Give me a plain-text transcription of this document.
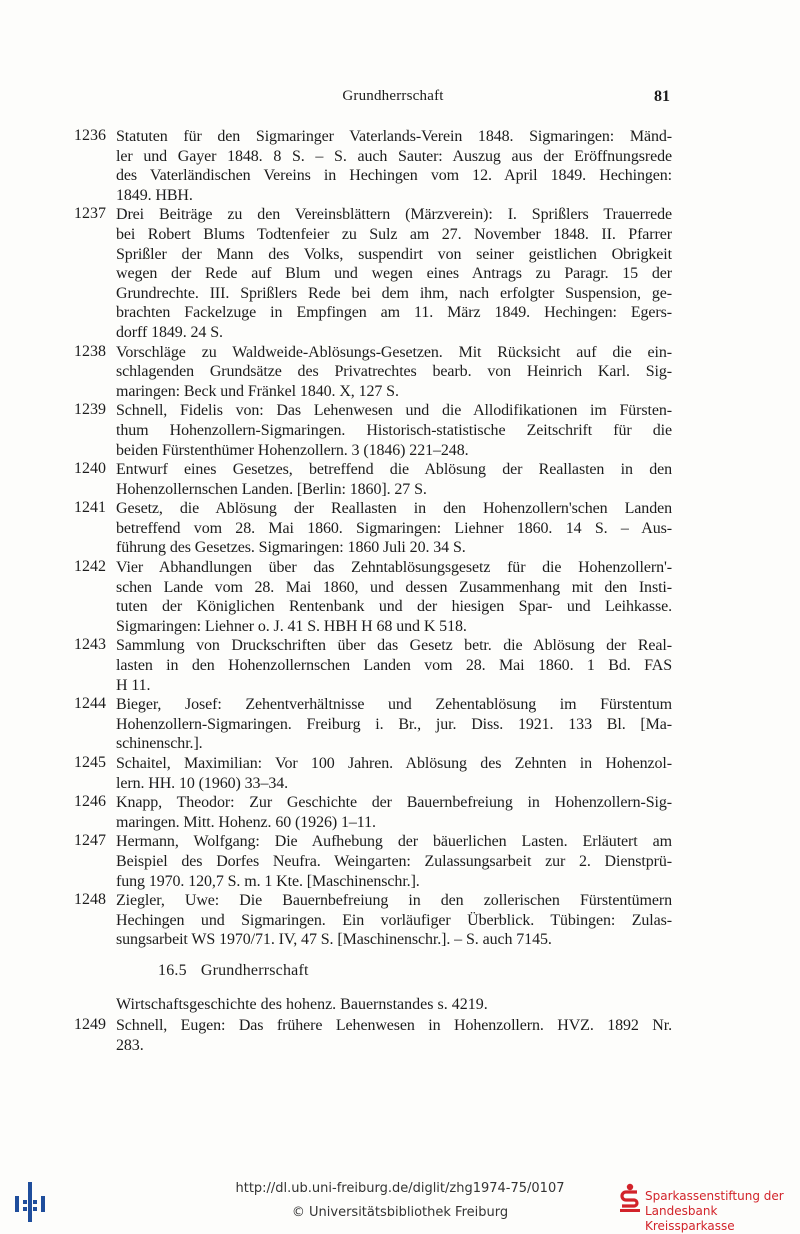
Grundherrschaft	81
1236 Statuten für den Sigmaringer Vaterlands-Verein 1848. Sigmaringen: Mänd-
ler und Gayer 1848. 8 S. – S. auch Sauter: Auszug aus der Eröffnungsrede
des Vaterländischen Vereins in Hechingen vom 12. April 1849. Hechingen:
1849. HBH.
1237 Drei Beiträge zu den Vereinsblättern (Märzverein): I. Sprißlers Trauerrede
bei Robert Blums Todtenfeier zu Sulz am 27. November 1848. II. Pfarrer
Sprißler der Mann des Volks, suspendirt von seiner geistlichen Obrigkeit
wegen der Rede auf Blum und wegen eines Antrags zu Paragr. 15 der
Grundrechte. III. Sprißlers Rede bei dem ihm, nach erfolgter Suspension, ge-
brachten Fackelzuge in Empfingen am 11. März 1849. Hechingen: Egers-
dorff 1849. 24 S.
1238 Vorschläge zu Waldweide-Ablösungs-Gesetzen. Mit Rücksicht auf die ein-
schlagenden Grundsätze des Privatrechtes bearb. von Heinrich Karl. Sig-
maringen: Beck und Fränkel 1840. X, 127 S.
1239 Schnell, Fidelis von: Das Lehenwesen und die Allodifikationen im Fürsten-
thum Hohenzollern-Sigmaringen. Historisch-statistische Zeitschrift für die
beiden Fürstenthümer Hohenzollern. 3 (1846) 221–248.
1240 Entwurf eines Gesetzes, betreffend die Ablösung der Reallasten in den
Hohenzollernschen Landen. [Berlin: 1860]. 27 S.
1241 Gesetz, die Ablösung der Reallasten in den Hohenzollern'schen Landen
betreffend vom 28. Mai 1860. Sigmaringen: Liehner 1860. 14 S. – Aus-
führung des Gesetzes. Sigmaringen: 1860 Juli 20. 34 S.
1242 Vier Abhandlungen über das Zehntablösungsgesetz für die Hohenzollern'-
schen Lande vom 28. Mai 1860, und dessen Zusammenhang mit den Insti-
tuten der Königlichen Rentenbank und der hiesigen Spar- und Leihkasse.
Sigmaringen: Liehner o. J. 41 S. HBH H 68 und K 518.
1243 Sammlung von Druckschriften über das Gesetz betr. die Ablösung der Real-
lasten in den Hohenzollernschen Landen vom 28. Mai 1860. 1 Bd. FAS
H 11.
1244 Bieger, Josef: Zehentverhältnisse und Zehentablösung im Fürstentum
Hohenzollern-Sigmaringen. Freiburg i. Br., jur. Diss. 1921. 133 Bl. [Ma-
schinenschr.].
1245 Schaitel, Maximilian: Vor 100 Jahren. Ablösung des Zehnten in Hohenzol-
lern. HH. 10 (1960) 33–34.
1246 Knapp, Theodor: Zur Geschichte der Bauernbefreiung in Hohenzollern-Sig-
maringen. Mitt. Hohenz. 60 (1926) 1–11.
1247 Hermann, Wolfgang: Die Aufhebung der bäuerlichen Lasten. Erläutert am
Beispiel des Dorfes Neufra. Weingarten: Zulassungsarbeit zur 2. Dienstprü-
fung 1970. 120,7 S. m. 1 Kte. [Maschinenschr.].
1248 Ziegler, Uwe: Die Bauernbefreiung in den zollerischen Fürstentümern
Hechingen und Sigmaringen. Ein vorläufiger Überblick. Tübingen: Zulas-
sungsarbeit WS 1970/71. IV, 47 S. [Maschinenschr.]. – S. auch 7145.
16.5 Grundherrschaft
Wirtschaftsgeschichte des hohenz. Bauernstandes s. 4219.
1249 Schnell, Eugen: Das frühere Lehenwesen in Hohenzollern. HVZ. 1892 Nr.
283.
http://dl.ub.uni-freiburg.de/diglit/zhg1974-75/0107
© Universitätsbibliothek Freiburg
Sparkassenstiftung der
Landesbank Kreissparkasse
